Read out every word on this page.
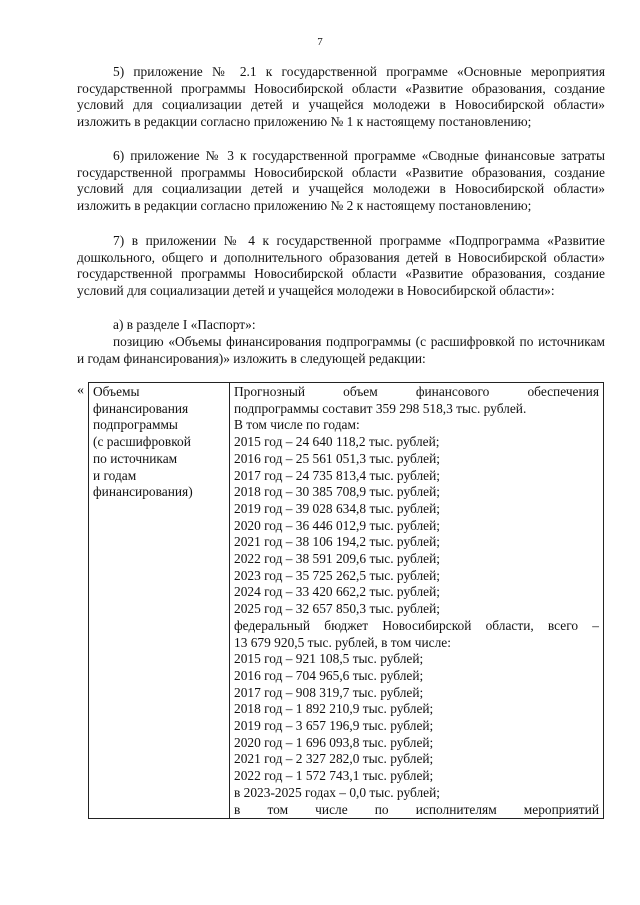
7

5) приложение № 2.1 к государственной программе «Основные мероприятия государственной программы Новосибирской области «Развитие образования, создание условий для социализации детей и учащейся молодежи в Новосибирской области» изложить в редакции согласно приложению № 1 к настоящему постановлению;

6) приложение № 3 к государственной программе «Сводные финансовые затраты государственной программы Новосибирской области «Развитие образования, создание условий для социализации детей и учащейся молодежи в Новосибирской области» изложить в редакции согласно приложению № 2 к настоящему постановлению;

7) в приложении № 4 к государственной программе «Подпрограмма «Развитие дошкольного, общего и дополнительного образования детей в Новосибирской области» государственной программы Новосибирской области «Развитие образования, создание условий для социализации детей и учащейся молодежи в Новосибирской области»:

а) в разделе I «Паспорт»:

позицию «Объемы финансирования подпрограммы (с расшифровкой по источникам и годам финансирования)» изложить в следующей редакции:

« Объемы
финансирования
подпрограммы
(с расшифровкой
по источникам
и годам
финансирования)

Прогнозный объем финансового обеспечения
подпрограммы составит 359 298 518,3 тыс. рублей.
В том числе по годам:
2015 год – 24 640 118,2 тыс. рублей;
2016 год – 25 561 051,3 тыс. рублей;
2017 год – 24 735 813,4 тыс. рублей;
2018 год – 30 385 708,9 тыс. рублей;
2019 год – 39 028 634,8 тыс. рублей;
2020 год – 36 446 012,9 тыс. рублей;
2021 год – 38 106 194,2 тыс. рублей;
2022 год – 38 591 209,6 тыс. рублей;
2023 год – 35 725 262,5 тыс. рублей;
2024 год – 33 420 662,2 тыс. рублей;
2025 год – 32 657 850,3 тыс. рублей;
федеральный бюджет Новосибирской области, всего –
13 679 920,5 тыс. рублей, в том числе:
2015 год – 921 108,5 тыс. рублей;
2016 год – 704 965,6 тыс. рублей;
2017 год – 908 319,7 тыс. рублей;
2018 год – 1 892 210,9 тыс. рублей;
2019 год – 3 657 196,9 тыс. рублей;
2020 год – 1 696 093,8 тыс. рублей;
2021 год – 2 327 282,0 тыс. рублей;
2022 год – 1 572 743,1 тыс. рублей;
в 2023-2025 годах – 0,0 тыс. рублей;
в том числе по исполнителям мероприятий
